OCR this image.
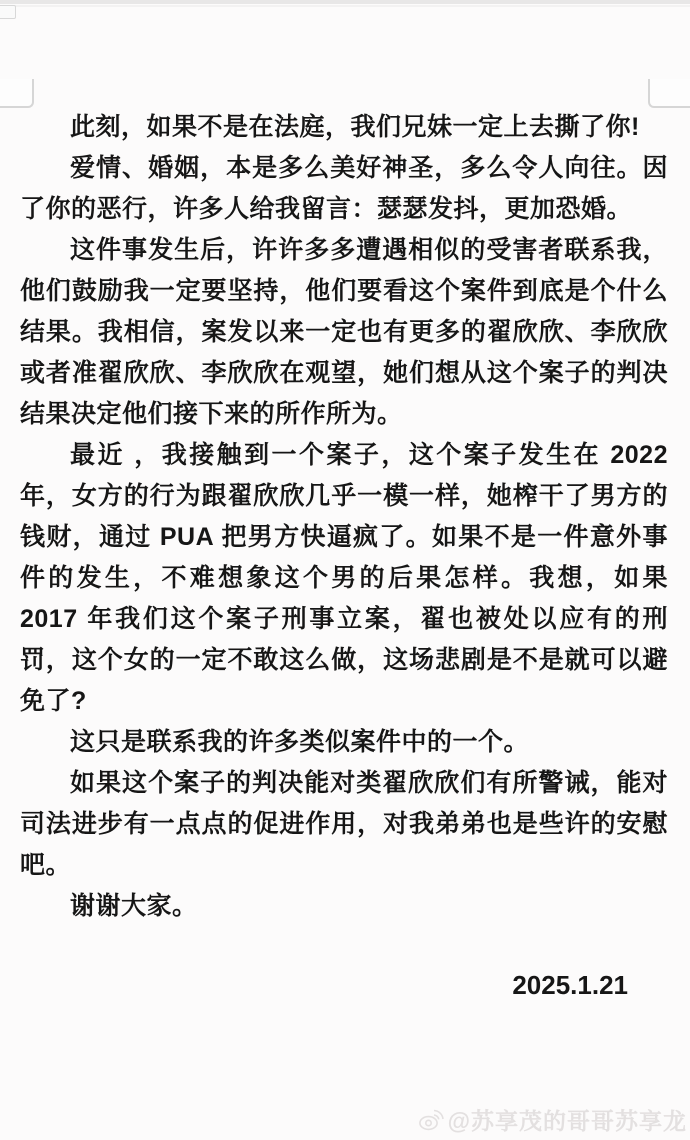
此刻，如果不是在法庭，我们兄妹一定上去撕了你!

爱情、婚姻，本是多么美好神圣，多么令人向往。因了你的恶行，许多人给我留言：瑟瑟发抖，更加恐婚。

这件事发生后，许许多多遭遇相似的受害者联系我，他们鼓励我一定要坚持，他们要看这个案件到底是个什么结果。我相信，案发以来一定也有更多的翟欣欣、李欣欣或者准翟欣欣、李欣欣在观望，她们想从这个案子的判决结果决定他们接下来的所作所为。

最近 ，我接触到一个案子，这个案子发生在 2022 年，女方的行为跟翟欣欣几乎一模一样，她榨干了男方的钱财，通过 PUA 把男方快逼疯了。如果不是一件意外事件的发生，不难想象这个男的后果怎样。我想，如果 2017 年我们这个案子刑事立案，翟也被处以应有的刑罚，这个女的一定不敢这么做，这场悲剧是不是就可以避免了?

这只是联系我的许多类似案件中的一个。

如果这个案子的判决能对类翟欣欣们有所警诫，能对司法进步有一点点的促进作用，对我弟弟也是些许的安慰吧。

谢谢大家。

2025.1.21

@苏享茂的哥哥苏享龙
